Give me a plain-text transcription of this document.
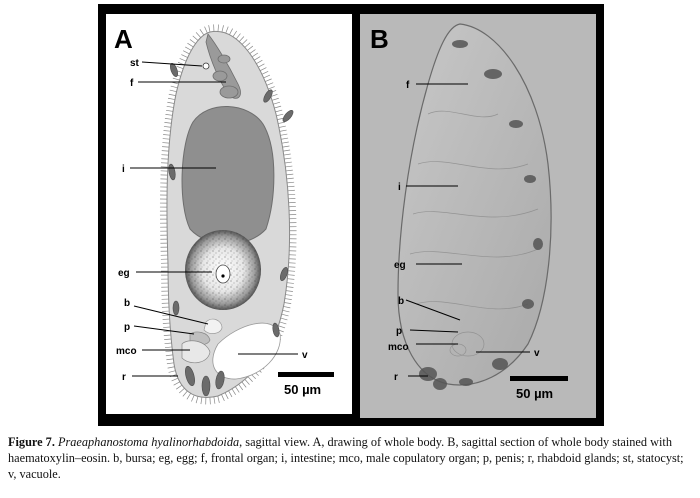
A
st
f
i
eg
b
p
mco	v
r
50 µm
B
f
i
eg
b
p
mco
v
r
50 µm

Figure 7. Praeaphanostoma hyalinorhabdoida, sagittal view. A, drawing of whole body. B, sagittal section of whole body stained with haematoxylin–eosin. b, bursa; eg, egg; f, frontal organ; i, intestine; mco, male copulatory organ; p, penis; r, rhabdoid glands; st, statocyst; v, vacuole.
